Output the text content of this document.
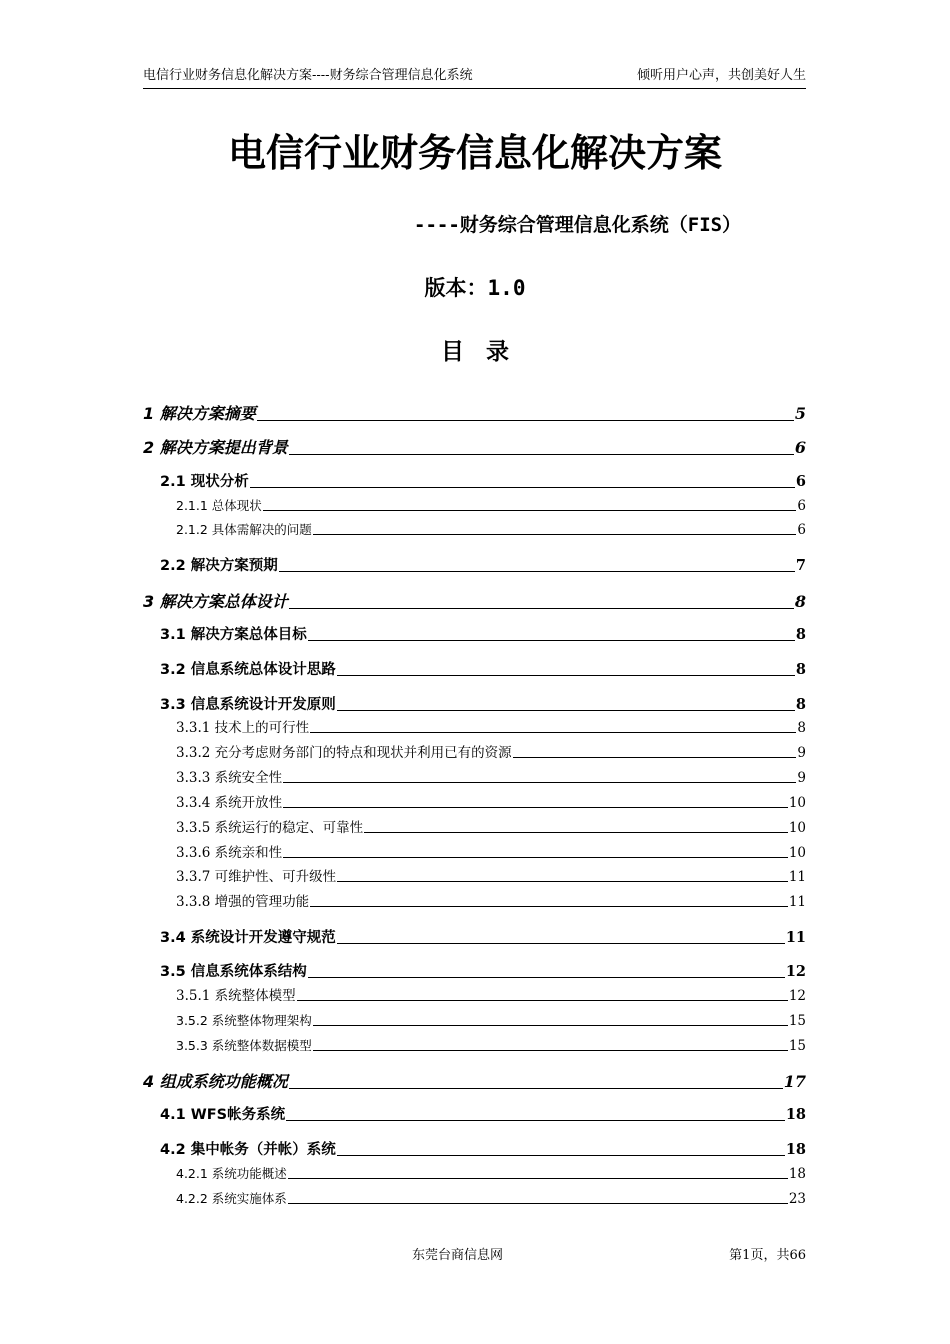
电信行业财务信息化解决方案----财务综合管理信息化系统	倾听用户心声，共创美好人生
电信行业财务信息化解决方案
----财务综合管理信息化系统（FIS）
版本：1.0
目录
1 解决方案摘要	5
2 解决方案提出背景	6
2.1 现状分析	6
2.1.1 总体现状	6
2.1.2 具体需解决的问题	6
2.2 解决方案预期	7
3 解决方案总体设计	8
3.1 解决方案总体目标	8
3.2 信息系统总体设计思路	8
3.3 信息系统设计开发原则	8
3.3.1 技术上的可行性	8
3.3.2 充分考虑财务部门的特点和现状并利用已有的资源	9
3.3.3 系统安全性	9
3.3.4 系统开放性	10
3.3.5 系统运行的稳定、可靠性	10
3.3.6 系统亲和性	10
3.3.7 可维护性、可升级性	11
3.3.8 增强的管理功能	11
3.4 系统设计开发遵守规范	11
3.5 信息系统体系结构	12
3.5.1 系统整体模型	12
3.5.2 系统整体物理架构	15
3.5.3 系统整体数据模型	15
4 组成系统功能概况	17
4.1 WFS帐务系统	18
4.2 集中帐务（并帐）系统	18
4.2.1 系统功能概述	18
4.2.2 系统实施体系	23
东莞台商信息网	第1页，共66
